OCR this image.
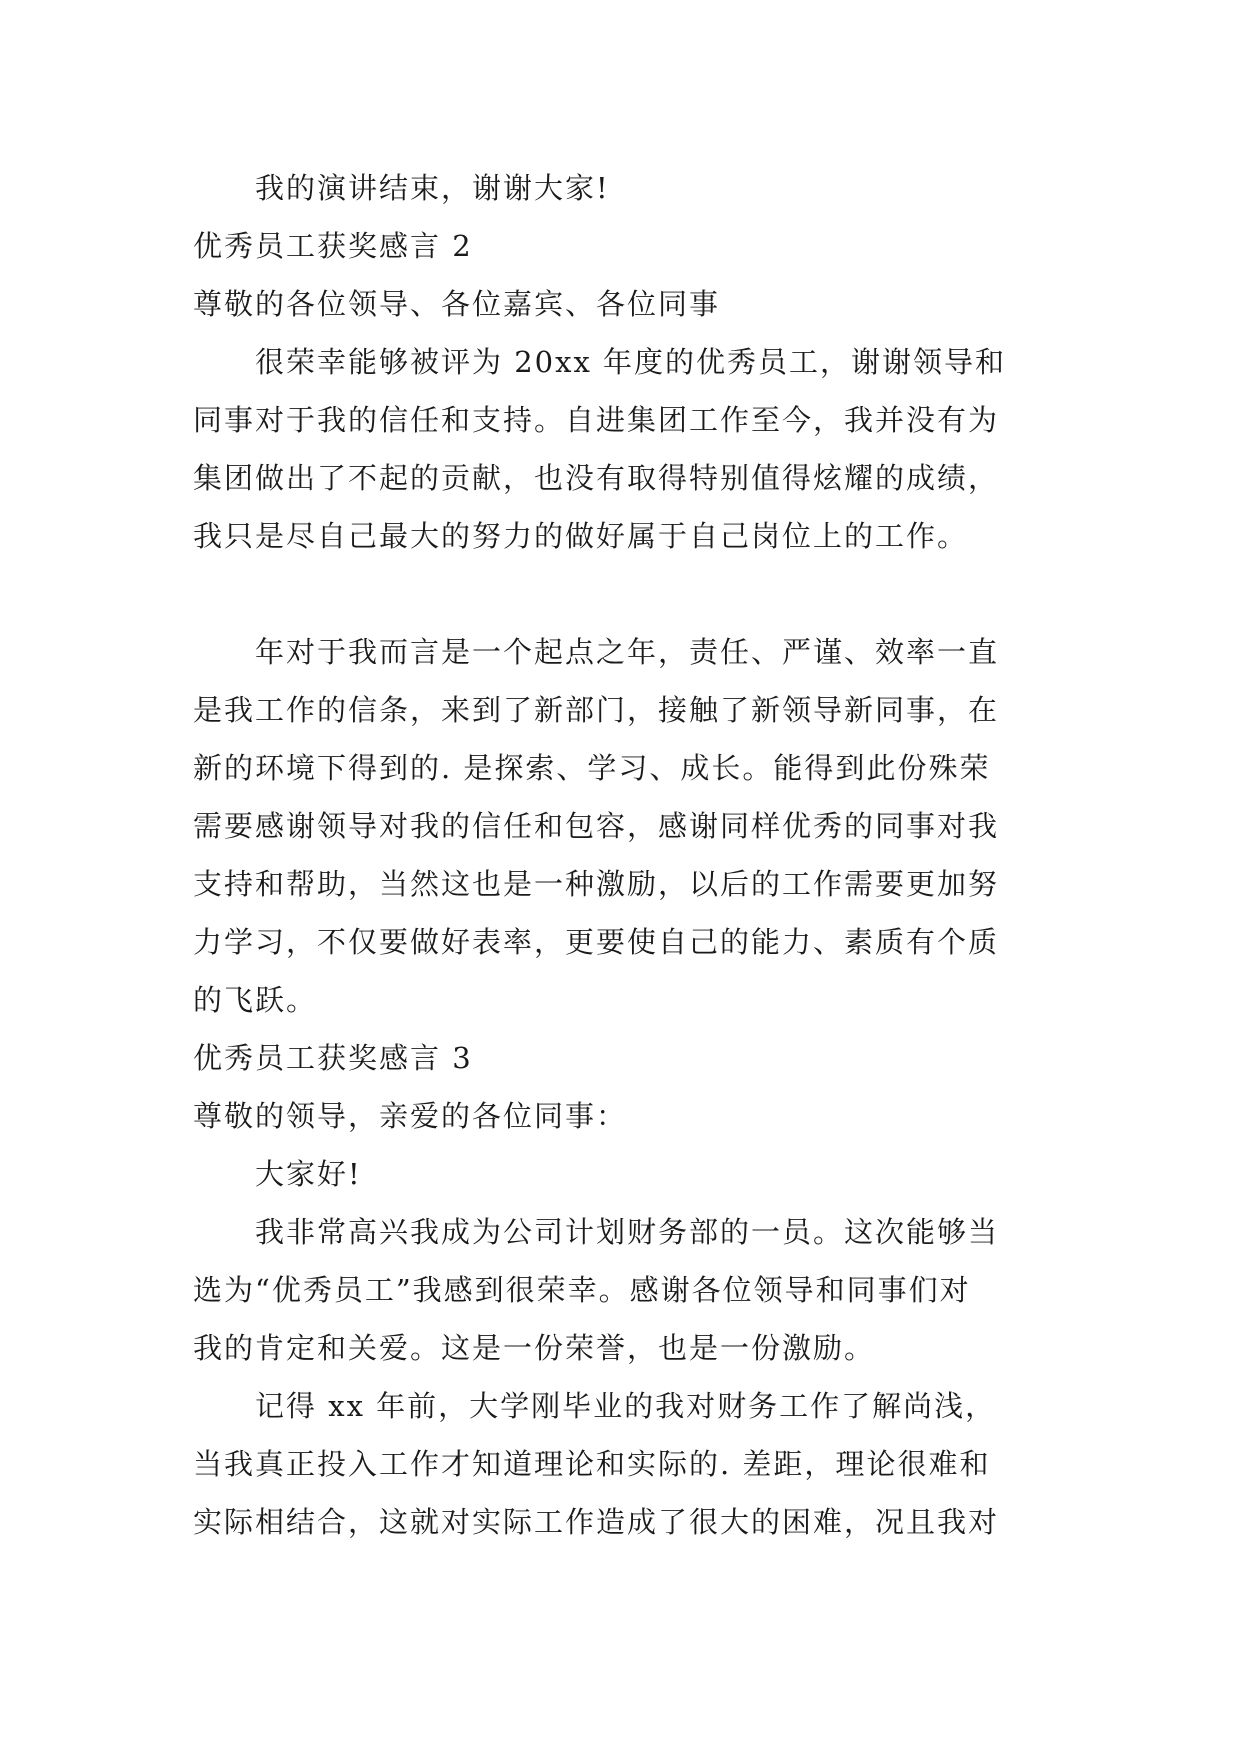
我的演讲结束，谢谢大家!
优秀员工获奖感言 2
尊敬的各位领导、各位嘉宾、各位同事
很荣幸能够被评为 20xx 年度的优秀员工，谢谢领导和
同事对于我的信任和支持。自进集团工作至今，我并没有为
集团做出了不起的贡献，也没有取得特别值得炫耀的成绩，
我只是尽自己最大的努力的做好属于自己岗位上的工作。
年对于我而言是一个起点之年，责任、严谨、效率一直
是我工作的信条，来到了新部门，接触了新领导新同事，在
新的环境下得到的. 是探索、学习、成长。能得到此份殊荣
需要感谢领导对我的信任和包容，感谢同样优秀的同事对我
支持和帮助，当然这也是一种激励，以后的工作需要更加努
力学习，不仅要做好表率，更要使自己的能力、素质有个质
的飞跃。
优秀员工获奖感言 3
尊敬的领导，亲爱的各位同事：
大家好!
我非常高兴我成为公司计划财务部的一员。这次能够当
选为“优秀员工”我感到很荣幸。感谢各位领导和同事们对
我的肯定和关爱。这是一份荣誉，也是一份激励。
记得 xx 年前，大学刚毕业的我对财务工作了解尚浅，
当我真正投入工作才知道理论和实际的. 差距，理论很难和
实际相结合，这就对实际工作造成了很大的困难，况且我对
